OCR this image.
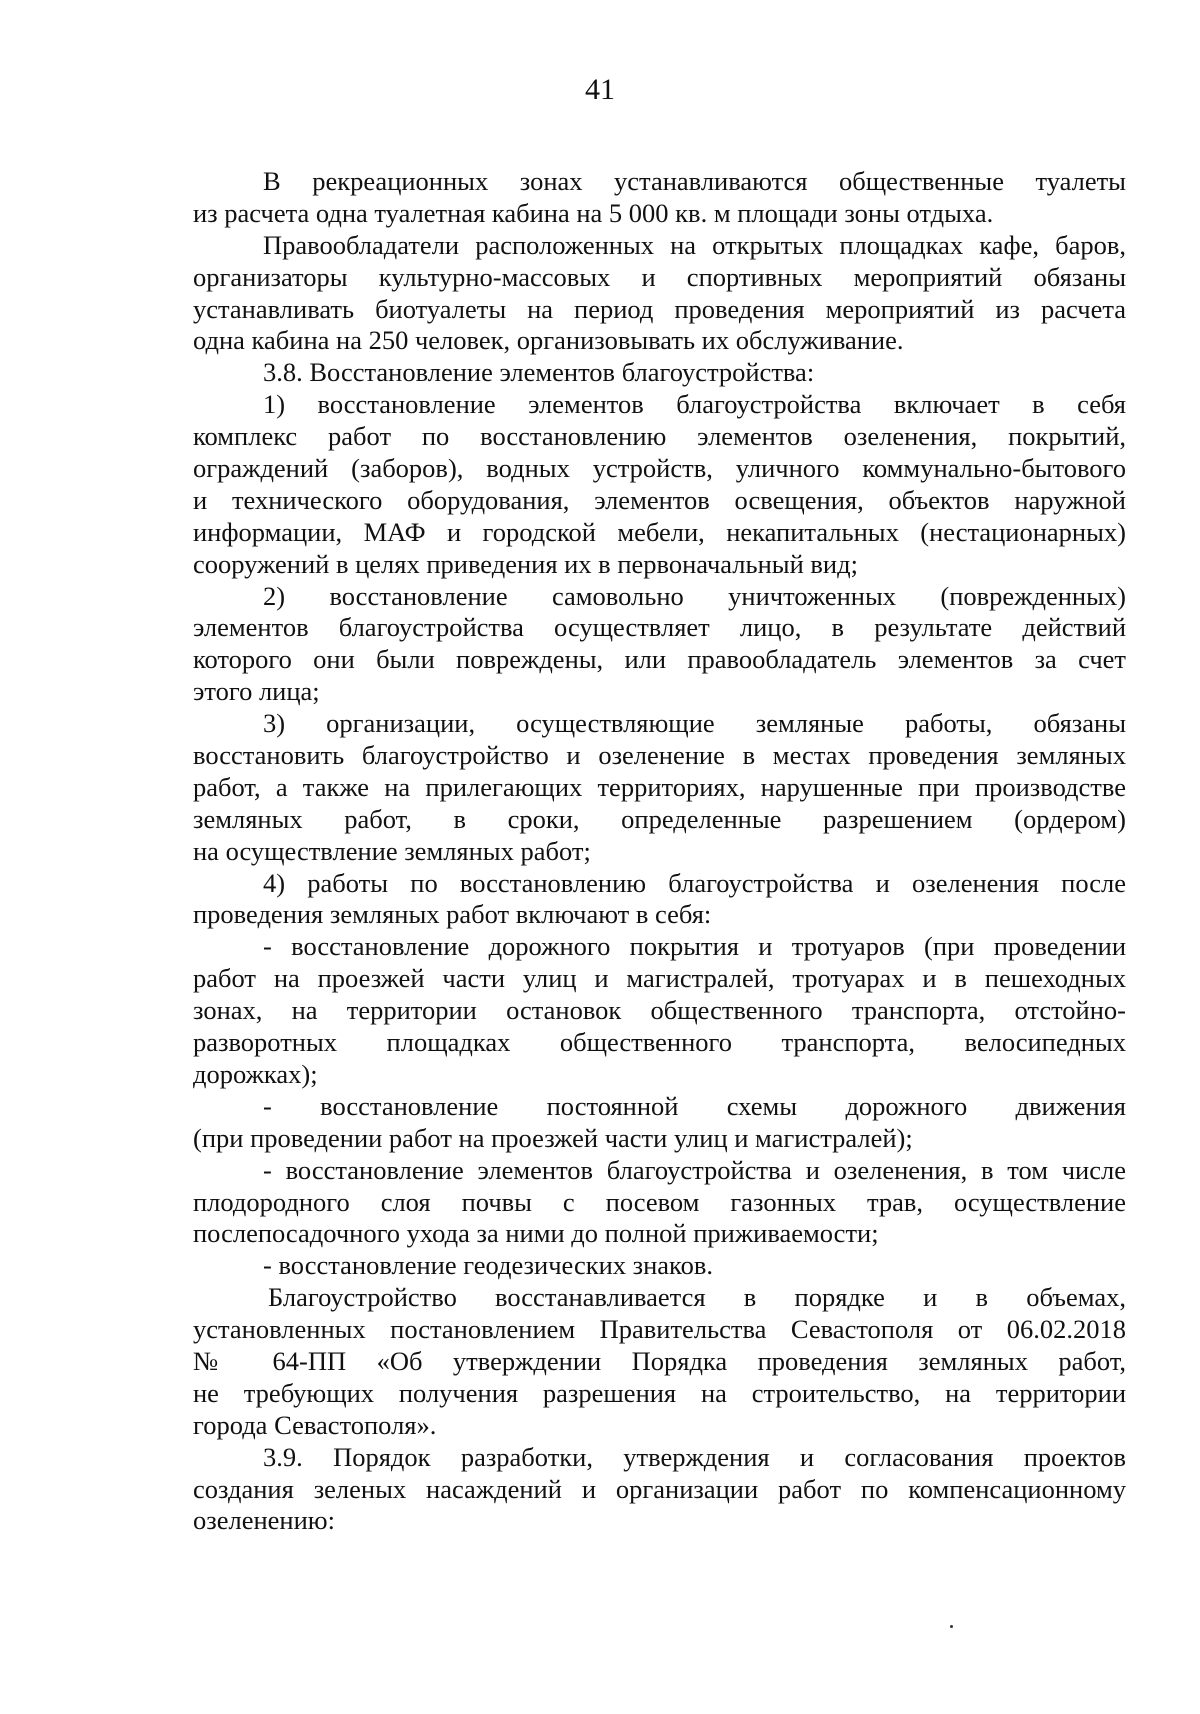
41
В рекреационных зонах устанавливаются общественные туалеты
из расчета одна туалетная кабина на 5 000 кв. м площади зоны отдыха.
Правообладатели расположенных на открытых площадках кафе, баров,
организаторы культурно-массовых и спортивных мероприятий обязаны
устанавливать биотуалеты на период проведения мероприятий из расчета
одна кабина на 250 человек, организовывать их обслуживание.
3.8. Восстановление элементов благоустройства:
1) восстановление элементов благоустройства включает в себя
комплекс работ по восстановлению элементов озеленения, покрытий,
ограждений (заборов), водных устройств, уличного коммунально-бытового
и технического оборудования, элементов освещения, объектов наружной
информации, МАФ и городской мебели, некапитальных (нестационарных)
сооружений в целях приведения их в первоначальный вид;
2) восстановление самовольно уничтоженных (поврежденных)
элементов благоустройства осуществляет лицо, в результате действий
которого они были повреждены, или правообладатель элементов за счет
этого лица;
3) организации, осуществляющие земляные работы, обязаны
восстановить благоустройство и озеленение в местах проведения земляных
работ, а также на прилегающих территориях, нарушенные при производстве
земляных работ, в сроки, определенные разрешением (ордером)
на осуществление земляных работ;
4) работы по восстановлению благоустройства и озеленения после
проведения земляных работ включают в себя:
- восстановление дорожного покрытия и тротуаров (при проведении
работ на проезжей части улиц и магистралей, тротуарах и в пешеходных
зонах, на территории остановок общественного транспорта, отстойно-
разворотных площадках общественного транспорта, велосипедных
дорожках);
- восстановление постоянной схемы дорожного движения
(при проведении работ на проезжей части улиц и магистралей);
- восстановление элементов благоустройства и озеленения, в том числе
плодородного слоя почвы с посевом газонных трав, осуществление
послепосадочного ухода за ними до полной приживаемости;
- восстановление геодезических знаков.
Благоустройство восстанавливается в порядке и в объемах,
установленных постановлением Правительства Севастополя от 06.02.2018
№ 64-ПП «Об утверждении Порядка проведения земляных работ,
не требующих получения разрешения на строительство, на территории
города Севастополя».
3.9. Порядок разработки, утверждения и согласования проектов
создания зеленых насаждений и организации работ по компенсационному
озеленению:
